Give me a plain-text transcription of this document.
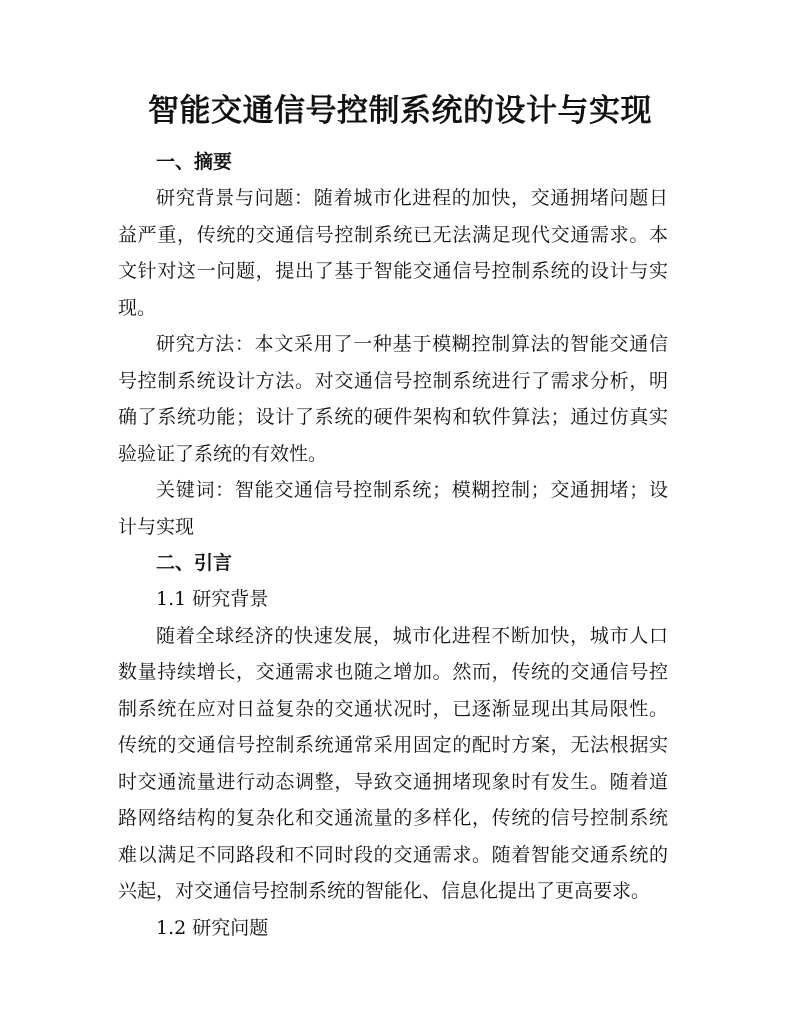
智能交通信号控制系统的设计与实现

一、摘要

研究背景与问题：随着城市化进程的加快，交通拥堵问题日益严重，传统的交通信号控制系统已无法满足现代交通需求。本文针对这一问题，提出了基于智能交通信号控制系统的设计与实现。

研究方法：本文采用了一种基于模糊控制算法的智能交通信号控制系统设计方法。对交通信号控制系统进行了需求分析，明确了系统功能；设计了系统的硬件架构和软件算法；通过仿真实验验证了系统的有效性。

关键词：智能交通信号控制系统；模糊控制；交通拥堵；设计与实现

二、引言

1.1 研究背景

随着全球经济的快速发展，城市化进程不断加快，城市人口数量持续增长，交通需求也随之增加。然而，传统的交通信号控制系统在应对日益复杂的交通状况时，已逐渐显现出其局限性。传统的交通信号控制系统通常采用固定的配时方案，无法根据实时交通流量进行动态调整，导致交通拥堵现象时有发生。随着道路网络结构的复杂化和交通流量的多样化，传统的信号控制系统难以满足不同路段和不同时段的交通需求。随着智能交通系统的兴起，对交通信号控制系统的智能化、信息化提出了更高要求。

1.2 研究问题
